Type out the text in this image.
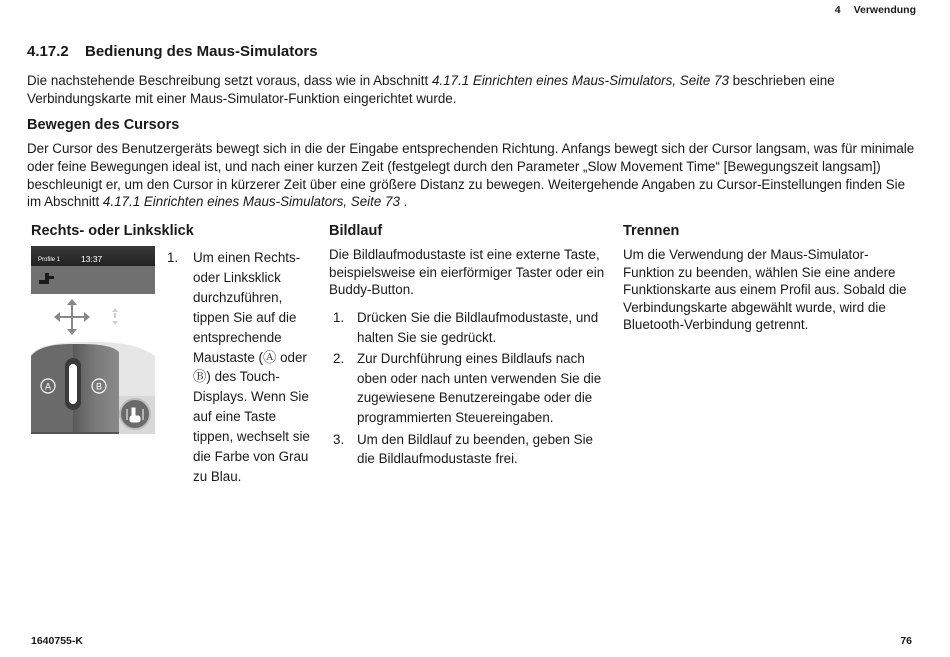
4 Verwendung
4.17.2 Bedienung des Maus-Simulators
Die nachstehende Beschreibung setzt voraus, dass wie in Abschnitt 4.17.1 Einrichten eines Maus-Simulators, Seite 73 beschrieben eine Verbindungskarte mit einer Maus-Simulator-Funktion eingerichtet wurde.
Bewegen des Cursors
Der Cursor des Benutzergeräts bewegt sich in die der Eingabe entsprechenden Richtung. Anfangs bewegt sich der Cursor langsam, was für minimale oder feine Bewegungen ideal ist, und nach einer kurzen Zeit (festgelegt durch den Parameter „Slow Movement Time“ [Bewegungszeit langsam]) beschleunigt er, um den Cursor in kürzerer Zeit über eine größere Distanz zu bewegen. Weitergehende Angaben zu Cursor-Einstellungen finden Sie im Abschnitt 4.17.1 Einrichten eines Maus-Simulators, Seite 73 .
Rechts- oder Linksklick
Profile 1 13:37
A	B
1.	Um einen Rechts- oder Linksklick durchzuführen, tippen Sie auf die entsprechende Maustaste (Ⓐ oder Ⓑ) des Touch-Displays. Wenn Sie auf eine Taste tippen, wechselt sie die Farbe von Grau zu Blau.
Bildlauf
Die Bildlaufmodustaste ist eine externe Taste, beispielsweise ein eierförmiger Taster oder ein Buddy-Button.
1. Drücken Sie die Bildlaufmodustaste, und halten Sie sie gedrückt.
2. Zur Durchführung eines Bildlaufs nach oben oder nach unten verwenden Sie die zugewiesene Benutzereingabe oder die programmierten Steuereingaben.
3. Um den Bildlauf zu beenden, geben Sie die Bildlaufmodustaste frei.
Trennen
Um die Verwendung der Maus-Simulator-Funktion zu beenden, wählen Sie eine andere Funktionskarte aus einem Profil aus. Sobald die Verbindungskarte abgewählt wurde, wird die Bluetooth-Verbindung getrennt.
1640755-K	76
